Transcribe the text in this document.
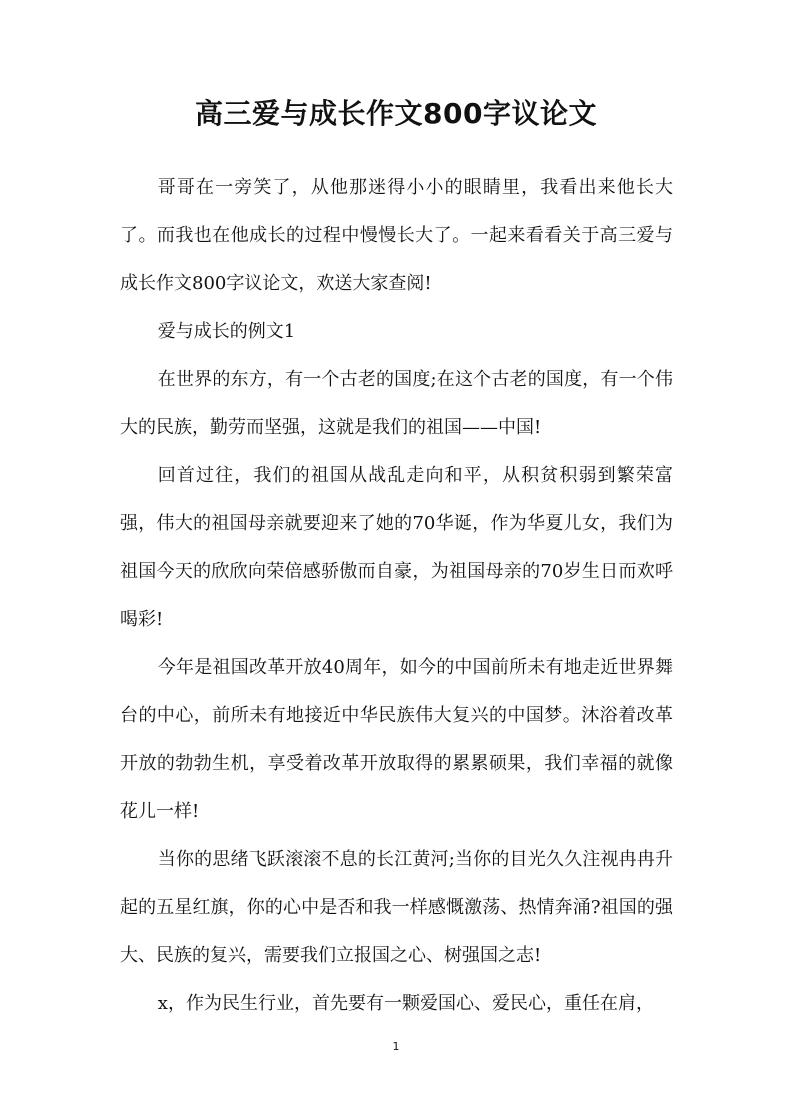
高三爱与成长作文800字议论文

哥哥在一旁笑了，从他那迷得小小的眼睛里，我看出来他长大了。而我也在他成长的过程中慢慢长大了。一起来看看关于高三爱与成长作文800字议论文，欢送大家查阅!

爱与成长的例文1

在世界的东方，有一个古老的国度;在这个古老的国度，有一个伟大的民族，勤劳而坚强，这就是我们的祖国——中国!

回首过往，我们的祖国从战乱走向和平，从积贫积弱到繁荣富强，伟大的祖国母亲就要迎来了她的70华诞，作为华夏儿女，我们为祖国今天的欣欣向荣倍感骄傲而自豪，为祖国母亲的70岁生日而欢呼喝彩!

今年是祖国改革开放40周年，如今的中国前所未有地走近世界舞台的中心，前所未有地接近中华民族伟大复兴的中国梦。沐浴着改革开放的勃勃生机，享受着改革开放取得的累累硕果，我们幸福的就像花儿一样!

当你的思绪飞跃滚滚不息的长江黄河;当你的目光久久注视冉冉升起的五星红旗，你的心中是否和我一样感慨激荡、热情奔涌?祖国的强大、民族的复兴，需要我们立报国之心、树强国之志!

x，作为民生行业，首先要有一颗爱国心、爱民心，重任在肩，

1
